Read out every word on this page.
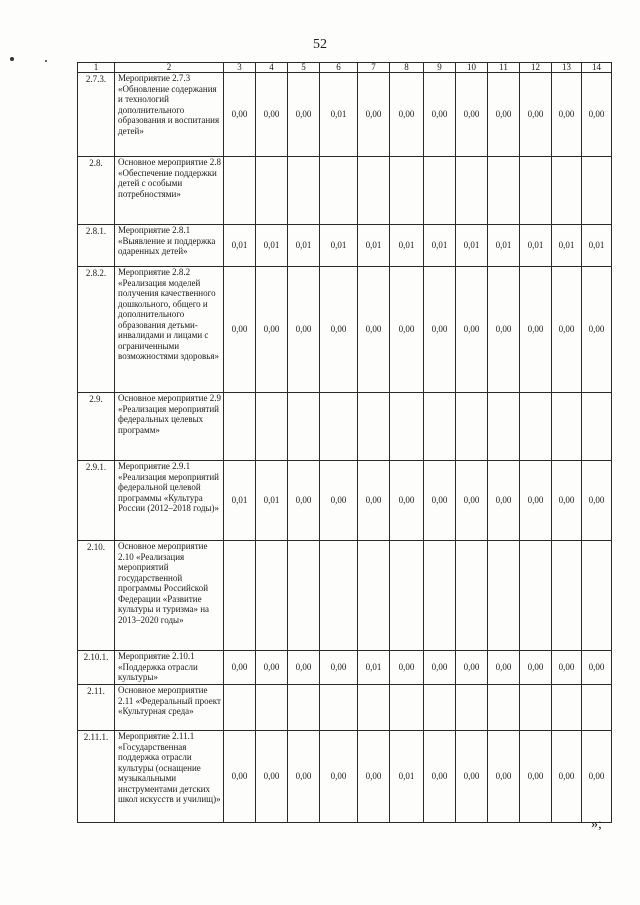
52
1	2	3	4	5	6	7	8	9	10	11	12	13	14
2.7.3.	Мероприятие 2.7.3 «Обновление содержания и технологий дополнительного образования и воспитания детей»	0,00	0,00	0,00	0,01	0,00	0,00	0,00	0,00	0,00	0,00	0,00	0,00
2.8.	Основное мероприятие 2.8 «Обеспечение поддержки детей с особыми потребностями»												
2.8.1.	Мероприятие 2.8.1 «Выявление и поддержка одаренных детей»	0,01	0,01	0,01	0,01	0,01	0,01	0,01	0,01	0,01	0,01	0,01	0,01
2.8.2.	Мероприятие 2.8.2 «Реализация моделей получения качественного дошкольного, общего и дополнительного образования детьми-инвалидами и лицами с ограниченными возможностями здоровья»	0,00	0,00	0,00	0,00	0,00	0,00	0,00	0,00	0,00	0,00	0,00	0,00
2.9.	Основное мероприятие 2.9 «Реализация мероприятий федеральных целевых программ»												
2.9.1.	Мероприятие 2.9.1 «Реализация мероприятий федеральной целевой программы «Культура России (2012–2018 годы)»	0,01	0,01	0,00	0,00	0,00	0,00	0,00	0,00	0,00	0,00	0,00	0,00
2.10.	Основное мероприятие 2.10 «Реализация мероприятий государственной программы Российской Федерации «Развитие культуры и туризма» на 2013–2020 годы»												
2.10.1.	Мероприятие 2.10.1 «Поддержка отрасли культуры»	0,00	0,00	0,00	0,00	0,01	0,00	0,00	0,00	0,00	0,00	0,00	0,00
2.11.	Основное мероприятие 2.11 «Федеральный проект «Культурная среда»												
2.11.1.	Мероприятие 2.11.1 «Государственная поддержка отрасли культуры (оснащение музыкальными инструментами детских школ искусств и училищ)»	0,00	0,00	0,00	0,00	0,00	0,01	0,00	0,00	0,00	0,00	0,00	0,00
»;
